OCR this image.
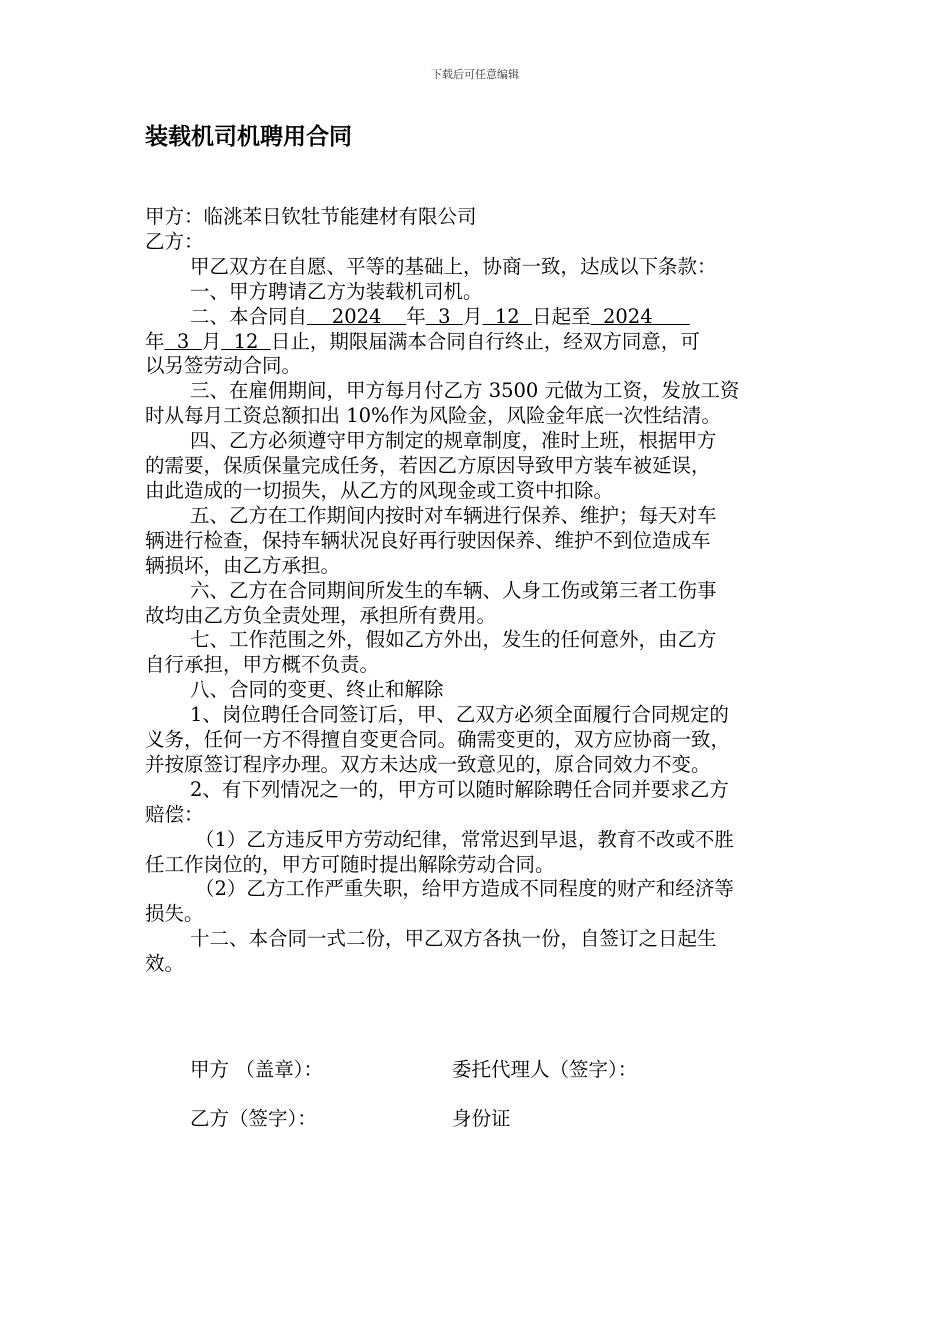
下载后可任意编辑
装载机司机聘用合同
甲方：临洮苯日钦牡节能建材有限公司
乙方：
甲乙双方在自愿、平等的基础上，协商一致，达成以下条款：
一、甲方聘请乙方为装载机司机。
二、本合同自    2024    年  3  月  12  日起至  2024
年  3  月  12  日止，期限届满本合同自行终止，经双方同意，可
以另签劳动合同。
三、在雇佣期间，甲方每月付乙方 3500 元做为工资，发放工资
时从每月工资总额扣出 10%作为风险金，风险金年底一次性结清。
四、乙方必须遵守甲方制定的规章制度，准时上班，根据甲方
的需要，保质保量完成任务，若因乙方原因导致甲方装车被延误，
由此造成的一切损失，从乙方的风现金或工资中扣除。
五、乙方在工作期间内按时对车辆进行保养、维护；每天对车
辆进行检查，保持车辆状况良好再行驶因保养、维护不到位造成车
辆损坏，由乙方承担。
六、乙方在合同期间所发生的车辆、人身工伤或第三者工伤事
故均由乙方负全责处理，承担所有费用。
七、工作范围之外，假如乙方外出，发生的任何意外，由乙方
自行承担，甲方概不负责。
八、合同的变更、终止和解除
1、岗位聘任合同签订后，甲、乙双方必须全面履行合同规定的
义务，任何一方不得擅自变更合同。确需变更的，双方应协商一致，
并按原签订程序办理。双方未达成一致意见的，原合同效力不变。
2、有下列情况之一的，甲方可以随时解除聘任合同并要求乙方
赔偿：
（1）乙方违反甲方劳动纪律，常常迟到早退，教育不改或不胜
任工作岗位的，甲方可随时提出解除劳动合同。
（2）乙方工作严重失职，给甲方造成不同程度的财产和经济等
损失。
十二、本合同一式二份，甲乙双方各执一份，自签订之日起生
效。
甲方 （盖章）：	委托代理人（签字）：
乙方（签字）：	身份证
